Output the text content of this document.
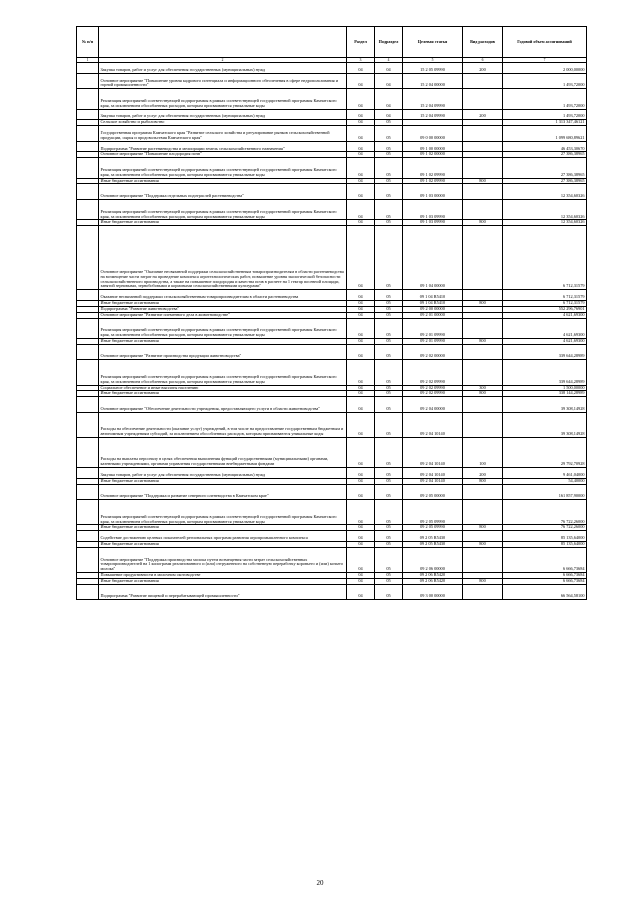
№ п/п		Раздел	Подраздел	Целевая статья	Вид расходов	Годовой объем ассигнований
1	2	3	4	5	6	7
	Закупка товаров, работ и услуг для обеспечения государственных (муниципальных) нужд	04	04	15 2 05 09990	200	2 000,00000
	Основное мероприятие "Повышение уровня кадрового потенциала и информационного обеспечения в сфере недропользования и горной промышленности"	04	04	15 2 04 00000		1 493,72000
	Реализация мероприятий соответствующей подпрограммы в рамках соответствующей государственной программы Камчатского края, за исключением обособленных расходов, которым присваиваются уникальные коды	04	04	15 2 04 09990		1 493,72000
	Закупка товаров, работ и услуг для обеспечения государственных (муниципальных) нужд	04	04	15 2 04 09990	200	1 493,72000
	Сельское хозяйство и рыболовство	04	05			1 313 347,46121
	Государственная программа Камчатского края "Развитие сельского хозяйства и регулирование рынков сельскохозяйственной продукции, сырья и продовольствия Камчатского края"	04	05	09 0 00 00000		1 099 680,89621
	Подпрограмма "Развитие растениеводства и мелиорации земель сельскохозяйственного назначения"	04	05	09 1 00 00000		46 453,30670
	Основное мероприятие "Повышение плодородия почв"	04	05	09 1 02 00000		27 386,38965
	Реализация мероприятий соответствующей подпрограммы в рамках соответствующей государственной программы Камчатского края, за исключением обособленных расходов, которым присваиваются уникальные коды	04	05	09 1 02 09990		27 386,38965
	Иные бюджетные ассигнования	04	05	09 1 02 09990	800	27 386,38965
	Основное мероприятие "Поддержка отдельных подотраслей растениеводства"	04	05	09 1 03 00000		12 354,60326
	Реализация мероприятий соответствующей подпрограммы в рамках соответствующей государственной программы Камчатского края, за исключением обособленных расходов, которым присваиваются уникальные коды	04	05	09 1 03 09990		12 354,60326
	Иные бюджетные ассигнования	04	05	09 1 03 09990	800	12 354,60326
	Основное мероприятие "Оказание несвязанной поддержки сельскохозяйственным товаропроизводителям в области растениеводства на возмещение части затрат на проведение комплекса агротехнологических работ, повышение уровня экологической безопасности сельскохозяйственного производства, а также на повышение плодородия и качества почв в расчете на 1 гектар посевной площади, занятой зерновыми, зернобобовыми и кормовыми сельскохозяйственными культурами"	04	05	09 1 04 00000		6 712,31579
	Оказание несвязанной поддержки сельскохозяйственным товаропроизводителям в области растениеводства	04	05	09 1 04 R5410		6 712,31579
	Иные бюджетные ассигнования	04	05	09 1 04 R5410	800	6 712,31579
	Подпрограмма "Развитие животноводства"	04	05	09 2 00 00000		552 296,76901
	Основное мероприятие "Развитие племенного дела в животноводстве"	04	05	09 2 01 00000		4 621,69300
	Реализация мероприятий соответствующей подпрограммы в рамках соответствующей государственной программы Камчатского края, за исключением обособленных расходов, которым присваиваются уникальные коды	04	05	09 2 01 09990		4 621,69300
	Иные бюджетные ассигнования	04	05	09 2 01 09990	800	4 621,69300
	Основное мероприятие "Развитие производства продукции животноводства"	04	05	09 2 02 00000		339 644,28989
	Реализация мероприятий соответствующей подпрограммы в рамках соответствующей государственной программы Камчатского края, за исключением обособленных расходов, которым присваиваются уникальные коды	04	05	09 2 02 09990		339 644,28989
	Социальное обеспечение и иные выплаты населению	04	05	09 2 02 09990	300	1 500,00000
	Иные бюджетные ассигнования	04	05	09 2 02 09990	800	338 144,28989
	Основное мероприятие "Обеспечение деятельности учреждения, предоставляющего услуги в области животноводства"	04	05	09 2 04 00000		39 308,14928
	Расходы на обеспечение деятельности (оказание услуг) учреждений, в том числе на предоставление государственным бюджетным и автономным учреждениям субсидий, за исключением обособленных расходов, которым присваиваются уникальные коды	04	05	09 2 04 10140		39 308,14928
	Расходы на выплаты персоналу в целях обеспечения выполнения функций государственными (муниципальными) органами, казенными учреждениями, органами управления государственными внебюджетными фондами	04	05	09 2 04 10140	100	29 792,70928
	Закупка товаров, работ и услуг для обеспечения государственных (муниципальных) нужд	04	05	09 2 04 10140	200	9 461,04000
	Иные бюджетные ассигнования	04	05	09 2 04 10140	800	54,40000
	Основное мероприятие "Поддержка и развитие северного оленеводства в Камчатском крае"	04	05	09 2 05 00000		161 857,90000
	Реализация мероприятий соответствующей подпрограммы в рамках соответствующей государственной программы Камчатского края, за исключением обособленных расходов, которым присваиваются уникальные коды	04	05	09 2 05 09990		76 722,26000
	Иные бюджетные ассигнования	04	05	09 2 05 09990	800	76 722,26000
	Содействие достижению целевых показателей региональных программ развития агропромышленного комплекса	04	05	09 2 05 R5430		85 135,64000
	Иные бюджетные ассигнования	04	05	09 2 05 R5430	800	85 135,64000
	Основное мероприятие "Поддержка производства молока путем возмещения части затрат сельскохозяйственных товаропроизводителей на 1 килограмм реализованного и (или) отгруженного на собственную переработку коровьего и (или) козьего молока"	04	05	09 2 06 00000		6 666,73684
	Повышение продуктивности в молочном скотоводстве	04	05	09 2 06 R5420		6 666,73684
	Иные бюджетные ассигнования	04	05	09 2 06 R5420	800	6 666,73684
	Подпрограмма "Развитие пищевой и перерабатывающей промышленности"	04	05	09 3 00 00000		66 564,58100
20
